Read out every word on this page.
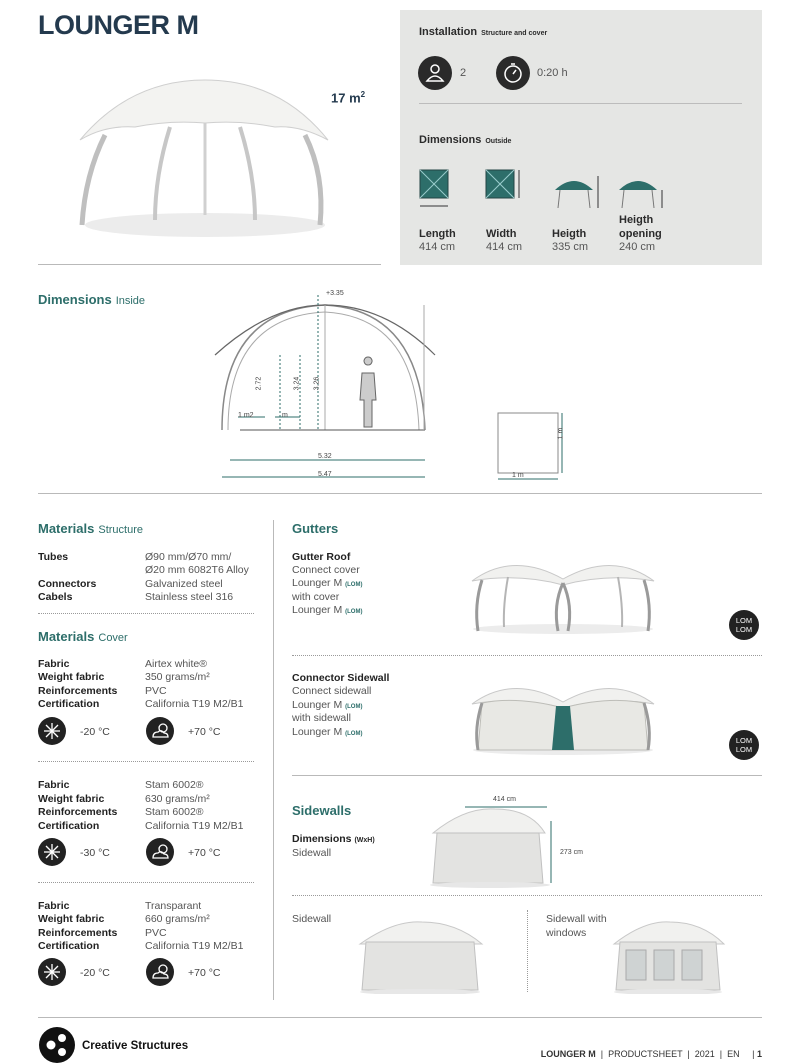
LOUNGER M
17 $m^2$
Installation Structure and cover
2	0:20 h
Dimensions Outside
Length
414 cm
Width
414 cm
Heigth
335 cm
Heigth
opening
240 cm
Dimensions Inside
+3.35
2.72	3.24 3.26
1 m2	m
5.32
5.47
1 m
1 m
Materials Structure
Tubes	Ø90 mm/Ø70 mm/
Ø20 mm 6082T6 Alloy
Connectors	Galvanized steel
Cabels	Stainless steel 316
Materials Cover
Fabric	Airtex white®
Weight fabric	350 grams/m²
Reinforcements	PVC
Certification	California T19 M2/B1
-20 °C	+70 °C
Fabric	Stam 6002®
Weight fabric	630 grams/m²
Reinforcements	Stam 6002®
Certification	California T19 M2/B1
-30 °C	+70 °C
Fabric	Transparant
Weight fabric	660 grams/m²
Reinforcements	PVC
Certification	California T19 M2/B1
-20 °C	+70 °C
Gutters
Gutter Roof
Connect cover
Lounger M (LOM)
with cover
Lounger M (LOM)
LOM
LOM
Connector Sidewall
Connect sidewall
Lounger M (LOM)
with sidewall
Lounger M (LOM)
LOM
LOM
Sidewalls
Dimensions (WxH)
Sidewall
414 cm
273 cm
Sidewall	Sidewall with
windows
Creative Structures
LOUNGER M  |  PRODUCTSHEET  |  2021  |  EN     | 1
